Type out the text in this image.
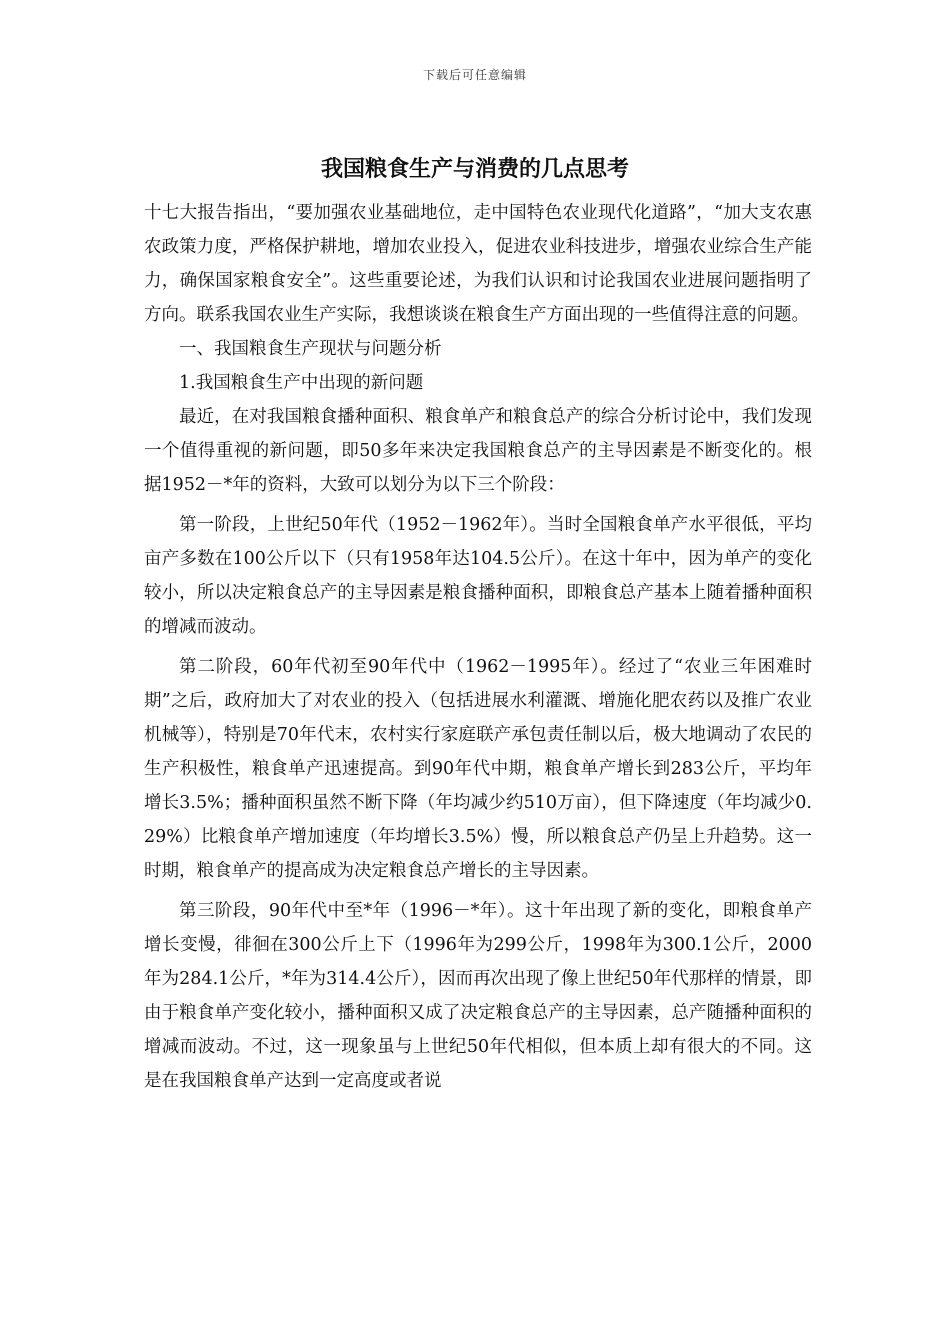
下载后可任意编辑
我国粮食生产与消费的几点思考

十七大报告指出，“要加强农业基础地位，走中国特色农业现代化道路”，“加大支农惠农政策力度，严格保护耕地，增加农业投入，促进农业科技进步，增强农业综合生产能力，确保国家粮食安全”。这些重要论述，为我们认识和讨论我国农业进展问题指明了方向。联系我国农业生产实际，我想谈谈在粮食生产方面出现的一些值得注意的问题。

一、我国粮食生产现状与问题分析

1.我国粮食生产中出现的新问题

最近，在对我国粮食播种面积、粮食单产和粮食总产的综合分析讨论中，我们发现一个值得重视的新问题，即50多年来决定我国粮食总产的主导因素是不断变化的。根据1952－*年的资料，大致可以划分为以下三个阶段：

第一阶段，上世纪50年代（1952－1962年）。当时全国粮食单产水平很低，平均亩产多数在100公斤以下（只有1958年达104.5公斤）。在这十年中，因为单产的变化较小，所以决定粮食总产的主导因素是粮食播种面积，即粮食总产基本上随着播种面积的增减而波动。

第二阶段，60年代初至90年代中（1962－1995年）。经过了“农业三年困难时期”之后，政府加大了对农业的投入（包括进展水利灌溉、增施化肥农药以及推广农业机械等），特别是70年代末，农村实行家庭联产承包责任制以后，极大地调动了农民的生产积极性，粮食单产迅速提高。到90年代中期，粮食单产增长到283公斤，平均年增长3.5%；播种面积虽然不断下降（年均减少约510万亩），但下降速度（年均减少0.29%）比粮食单产增加速度（年均增长3.5%）慢，所以粮食总产仍呈上升趋势。这一时期，粮食单产的提高成为决定粮食总产增长的主导因素。

第三阶段，90年代中至*年（1996－*年）。这十年出现了新的变化，即粮食单产增长变慢，徘徊在300公斤上下（1996年为299公斤，1998年为300.1公斤，2000年为284.1公斤，*年为314.4公斤），因而再次出现了像上世纪50年代那样的情景，即由于粮食单产变化较小，播种面积又成了决定粮食总产的主导因素，总产随播种面积的增减而波动。不过，这一现象虽与上世纪50年代相似，但本质上却有很大的不同。这是在我国粮食单产达到一定高度或者说
